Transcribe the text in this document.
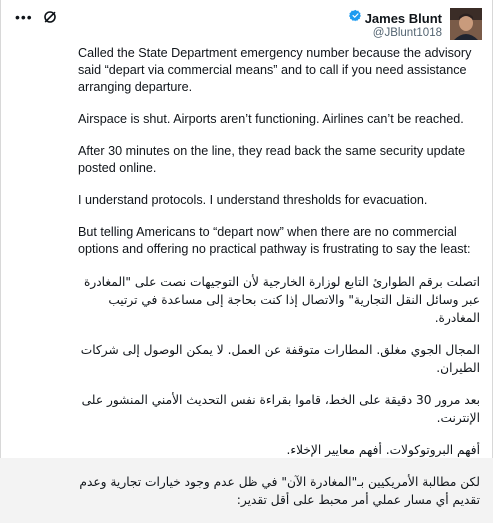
•••	James Blunt
@JBlunt1018

Called the State Department emergency number because the advisory said “depart via commercial means” and to call if you need assistance arranging departure.

Airspace is shut. Airports aren’t functioning. Airlines can’t be reached.

After 30 minutes on the line, they read back the same security update posted online.

I understand protocols. I understand thresholds for evacuation.

But telling Americans to “depart now” when there are no commercial options and offering no practical pathway is frustrating to say the least:

اتصلت برقم الطوارئ التابع لوزارة الخارجية لأن التوجيهات نصت على "المغادرة عبر وسائل النقل التجارية" والاتصال إذا كنت بحاجة إلى مساعدة في ترتيب المغادرة.

المجال الجوي مغلق. المطارات متوقفة عن العمل. لا يمكن الوصول إلى شركات الطيران.

بعد مرور 30 دقيقة على الخط، قاموا بقراءة نفس التحديث الأمني المنشور على الإنترنت.

أفهم البروتوكولات. أفهم معايير الإخلاء.

لكن مطالبة الأمريكيين بـ"المغادرة الآن" في ظل عدم وجود خيارات تجارية وعدم تقديم أي مسار عملي أمر محبط على أقل تقدير:
